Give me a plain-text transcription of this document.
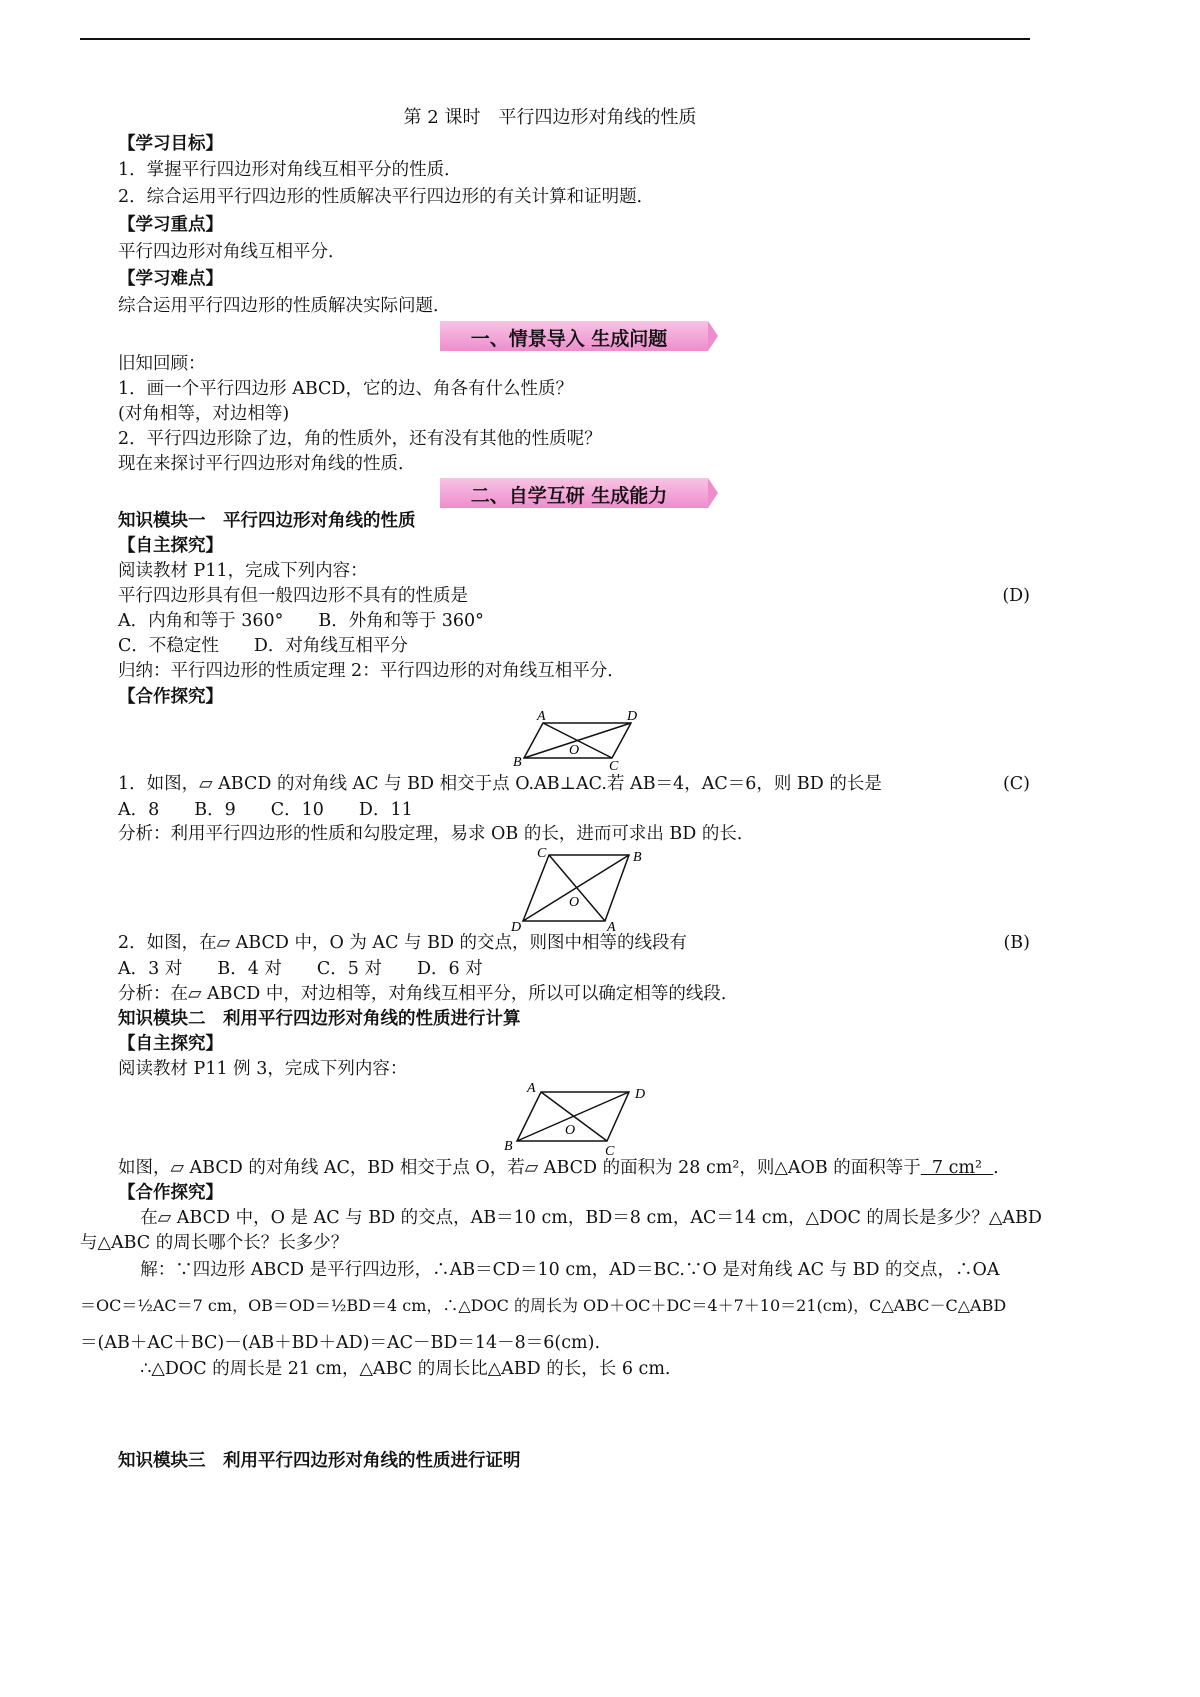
第 2 课时　平行四边形对角线的性质
【学习目标】
1．掌握平行四边形对角线互相平分的性质．
2．综合运用平行四边形的性质解决平行四边形的有关计算和证明题．
【学习重点】
平行四边形对角线互相平分．
【学习难点】
综合运用平行四边形的性质解决实际问题．
一、情景导入 生成问题
旧知回顾：
1．画一个平行四边形 ABCD，它的边、角各有什么性质？
(对角相等，对边相等)
2．平行四边形除了边，角的性质外，还有没有其他的性质呢？
现在来探讨平行四边形对角线的性质．
二、自学互研 生成能力
知识模块一　平行四边形对角线的性质
【自主探究】
阅读教材 P11，完成下列内容：
平行四边形具有但一般四边形不具有的性质是	(D)
A．内角和等于 360°　　B．外角和等于 360°
C．不稳定性　　D．对角线互相平分
归纳：平行四边形的性质定理 2：平行四边形的对角线互相平分．
【合作探究】
A	D
B	C
O
1．如图，▱ ABCD 的对角线 AC 与 BD 相交于点 O.AB⊥AC.若 AB＝4，AC＝6，则 BD 的长是	(C)
A．8　　B．9　　C．10　　D．11
分析：利用平行四边形的性质和勾股定理，易求 OB 的长，进而可求出 BD 的长．
C	B
D	A
O
2．如图，在▱ ABCD 中，O 为 AC 与 BD 的交点，则图中相等的线段有	(B)
A．3 对　　B．4 对　　C．5 对　　D．6 对
分析：在▱ ABCD 中，对边相等，对角线互相平分，所以可以确定相等的线段．
知识模块二　利用平行四边形对角线的性质进行计算
【自主探究】
阅读教材 P11 例 3，完成下列内容：
A	D
B	C
O
如图，▱ ABCD 的对角线 AC，BD 相交于点 O，若▱ ABCD 的面积为 28 cm²，则△AOB 的面积等于 7 cm² .
【合作探究】
在▱ ABCD 中，O 是 AC 与 BD 的交点，AB＝10 cm，BD＝8 cm，AC＝14 cm，△DOC 的周长是多少？△ABD
与△ABC 的周长哪个长？长多少？
解：∵四边形 ABCD 是平行四边形，∴AB＝CD＝10 cm，AD＝BC.∵O 是对角线 AC 与 BD 的交点，∴OA
＝OC＝½AC＝7 cm，OB＝OD＝½BD＝4 cm，∴△DOC 的周长为 OD＋OC＋DC＝4＋7＋10＝21(cm)，C△ABC－C△ABD
＝(AB＋AC＋BC)－(AB＋BD＋AD)＝AC－BD＝14－8＝6(cm).
∴△DOC 的周长是 21 cm，△ABC 的周长比△ABD 的长，长 6 cm.
知识模块三　利用平行四边形对角线的性质进行证明
